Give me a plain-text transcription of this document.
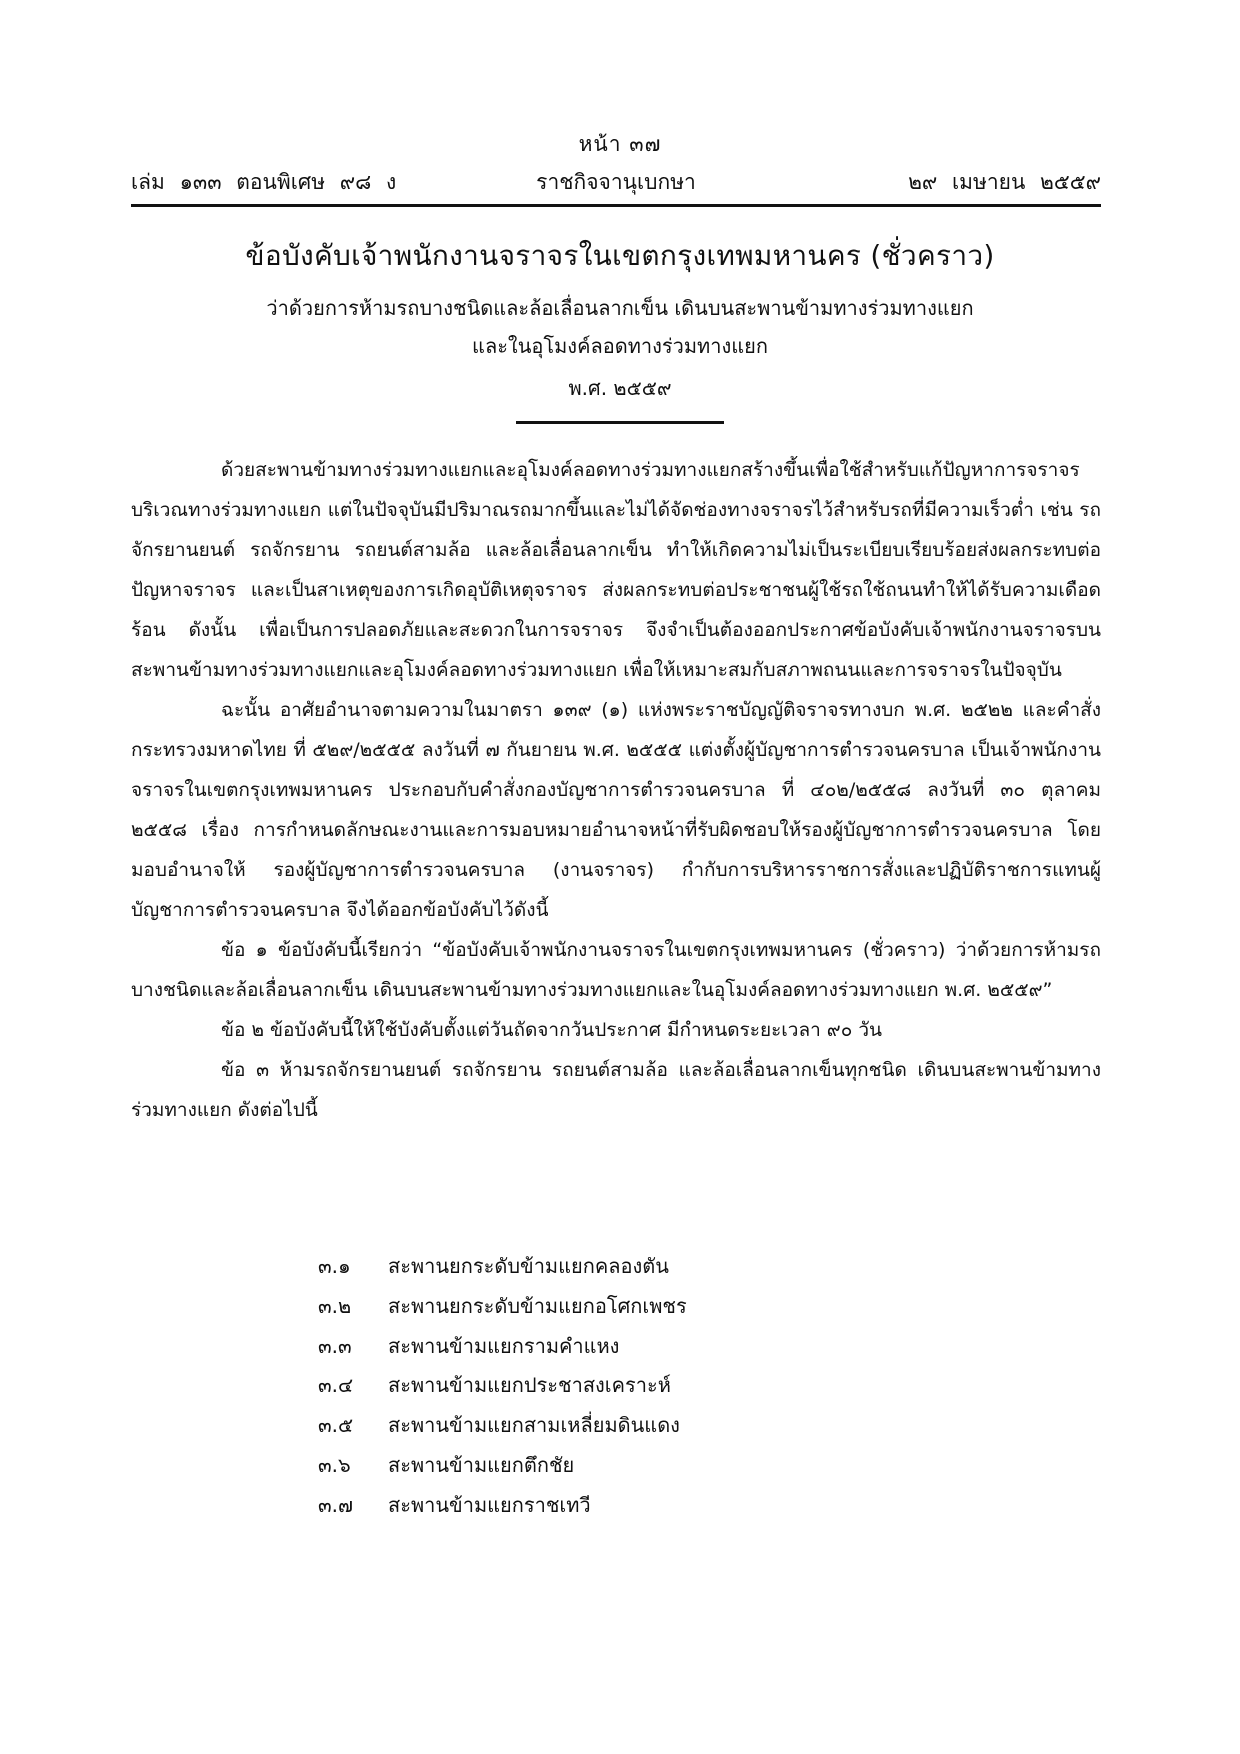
หน้า ๓๗
ราชกิจจานุเบกษา
เล่ม ๑๓๓ ตอนพิเศษ ๙๘ ง	๒๙ เมษายน ๒๕๕๙
ข้อบังคับเจ้าพนักงานจราจรในเขตกรุงเทพมหานคร (ชั่วคราว)
ว่าด้วยการห้ามรถบางชนิดและล้อเลื่อนลากเข็น เดินบนสะพานข้ามทางร่วมทางแยก
และในอุโมงค์ลอดทางร่วมทางแยก
พ.ศ. ๒๕๕๙

ด้วยสะพานข้ามทางร่วมทางแยกและอุโมงค์ลอดทางร่วมทางแยกสร้างขึ้นเพื่อใช้สำหรับแก้ปัญหาการจราจรบริเวณทางร่วมทางแยก แต่ในปัจจุบันมีปริมาณรถมากขึ้นและไม่ได้จัดช่องทางจราจรไว้สำหรับรถที่มีความเร็วต่ำ เช่น รถจักรยานยนต์ รถจักรยาน รถยนต์สามล้อ และล้อเลื่อนลากเข็น ทำให้เกิดความไม่เป็นระเบียบเรียบร้อยส่งผลกระทบต่อปัญหาจราจร และเป็นสาเหตุของการเกิดอุบัติเหตุจราจร ส่งผลกระทบต่อประชาชนผู้ใช้รถใช้ถนนทำให้ได้รับความเดือดร้อน ดังนั้น เพื่อเป็นการปลอดภัยและสะดวกในการจราจร จึงจำเป็นต้องออกประกาศข้อบังคับเจ้าพนักงานจราจรบนสะพานข้ามทางร่วมทางแยกและอุโมงค์ลอดทางร่วมทางแยก เพื่อให้เหมาะสมกับสภาพถนนและการจราจรในปัจจุบัน

ฉะนั้น อาศัยอำนาจตามความในมาตรา ๑๓๙ (๑) แห่งพระราชบัญญัติจราจรทางบก พ.ศ. ๒๕๒๒ และคำสั่งกระทรวงมหาดไทย ที่ ๕๒๙/๒๕๕๕ ลงวันที่ ๗ กันยายน พ.ศ. ๒๕๕๕ แต่งตั้งผู้บัญชาการตำรวจนครบาล เป็นเจ้าพนักงานจราจรในเขตกรุงเทพมหานคร ประกอบกับคำสั่งกองบัญชาการตำรวจนครบาล ที่ ๔๐๒/๒๕๕๘ ลงวันที่ ๓๐ ตุลาคม ๒๕๕๘ เรื่อง การกำหนดลักษณะงานและการมอบหมายอำนาจหน้าที่รับผิดชอบให้รองผู้บัญชาการตำรวจนครบาล โดยมอบอำนาจให้ รองผู้บัญชาการตำรวจนครบาล (งานจราจร) กำกับการบริหารราชการสั่งและปฏิบัติราชการแทนผู้บัญชาการตำรวจนครบาล จึงได้ออกข้อบังคับไว้ดังนี้

ข้อ ๑ ข้อบังคับนี้เรียกว่า “ข้อบังคับเจ้าพนักงานจราจรในเขตกรุงเทพมหานคร (ชั่วคราว) ว่าด้วยการห้ามรถบางชนิดและล้อเลื่อนลากเข็น เดินบนสะพานข้ามทางร่วมทางแยกและในอุโมงค์ลอดทางร่วมทางแยก พ.ศ. ๒๕๕๙”

ข้อ ๒ ข้อบังคับนี้ให้ใช้บังคับตั้งแต่วันถัดจากวันประกาศ มีกำหนดระยะเวลา ๙๐ วัน

ข้อ ๓ ห้ามรถจักรยานยนต์ รถจักรยาน รถยนต์สามล้อ และล้อเลื่อนลากเข็นทุกชนิด เดินบนสะพานข้ามทางร่วมทางแยก ดังต่อไปนี้

๓.๑ สะพานยกระดับข้ามแยกคลองตัน
๓.๒ สะพานยกระดับข้ามแยกอโศกเพชร
๓.๓ สะพานข้ามแยกรามคำแหง
๓.๔ สะพานข้ามแยกประชาสงเคราะห์
๓.๕ สะพานข้ามแยกสามเหลี่ยมดินแดง
๓.๖ สะพานข้ามแยกตึกชัย
๓.๗ สะพานข้ามแยกราชเทวี
